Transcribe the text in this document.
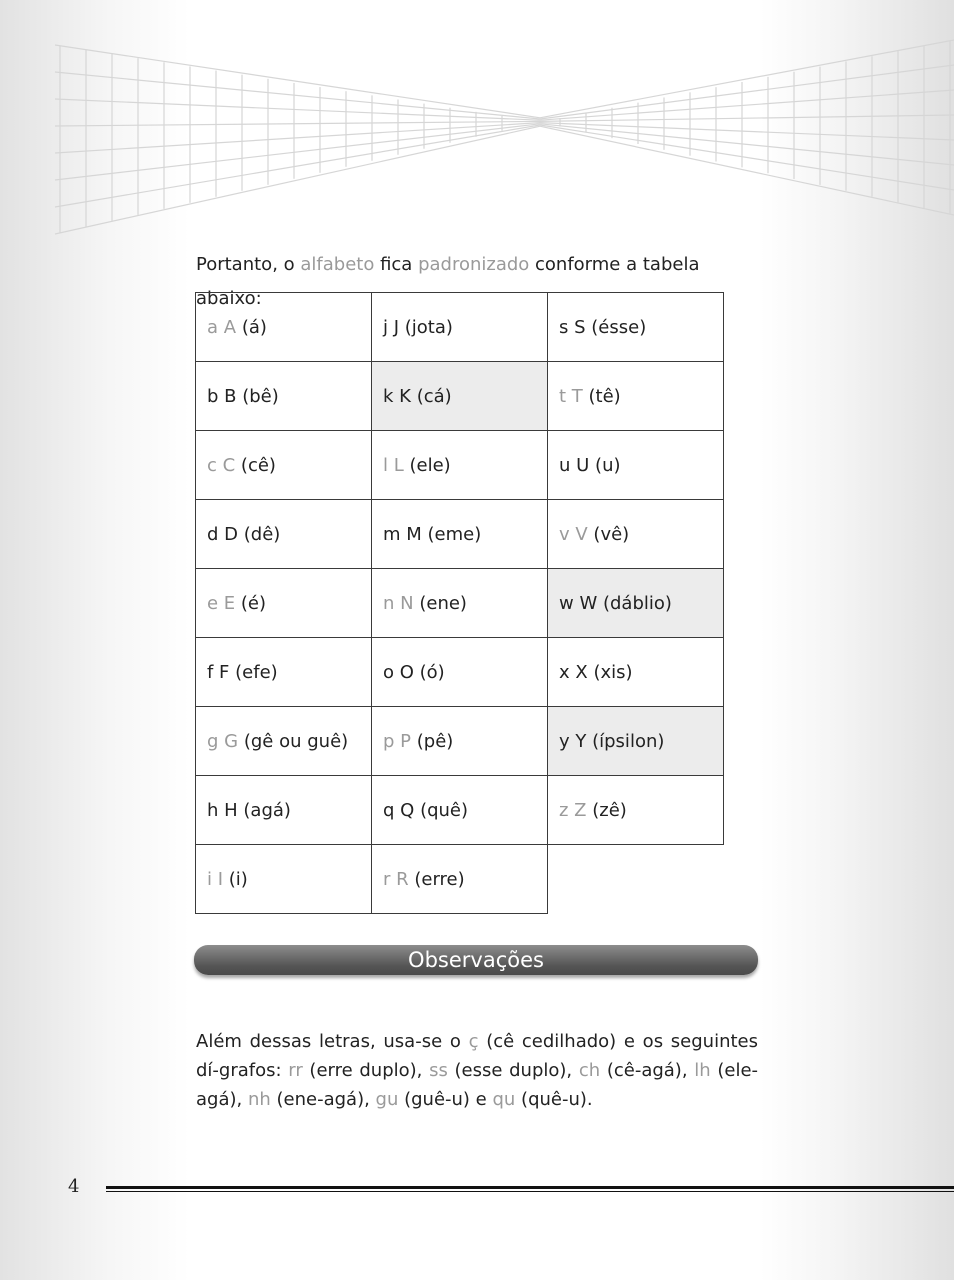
Portanto, o alfabeto fica padronizado conforme a tabela abaixo:

a A (á)	j J (jota)	s S (ésse)
b B (bê)	k K (cá)	t T (tê)
c C (cê)	l L (ele)	u U (u)
d D (dê)	m M (eme)	v V (vê)
e E (é)	n N (ene)	w W (dáblio)
f F (efe)	o O (ó)	x X (xis)
g G (gê ou guê)	p P (pê)	y Y (ípsilon)
h H (agá)	q Q (quê)	z Z (zê)
i I (i)	r R (erre)	
Observações

Além dessas letras, usa-se o ç (cê cedilhado) e os seguintes dí-grafos: rr (erre duplo), ss (esse duplo), ch (cê-agá), lh (ele-agá), nh (ene-agá), gu (guê-u) e qu (quê-u).

4
